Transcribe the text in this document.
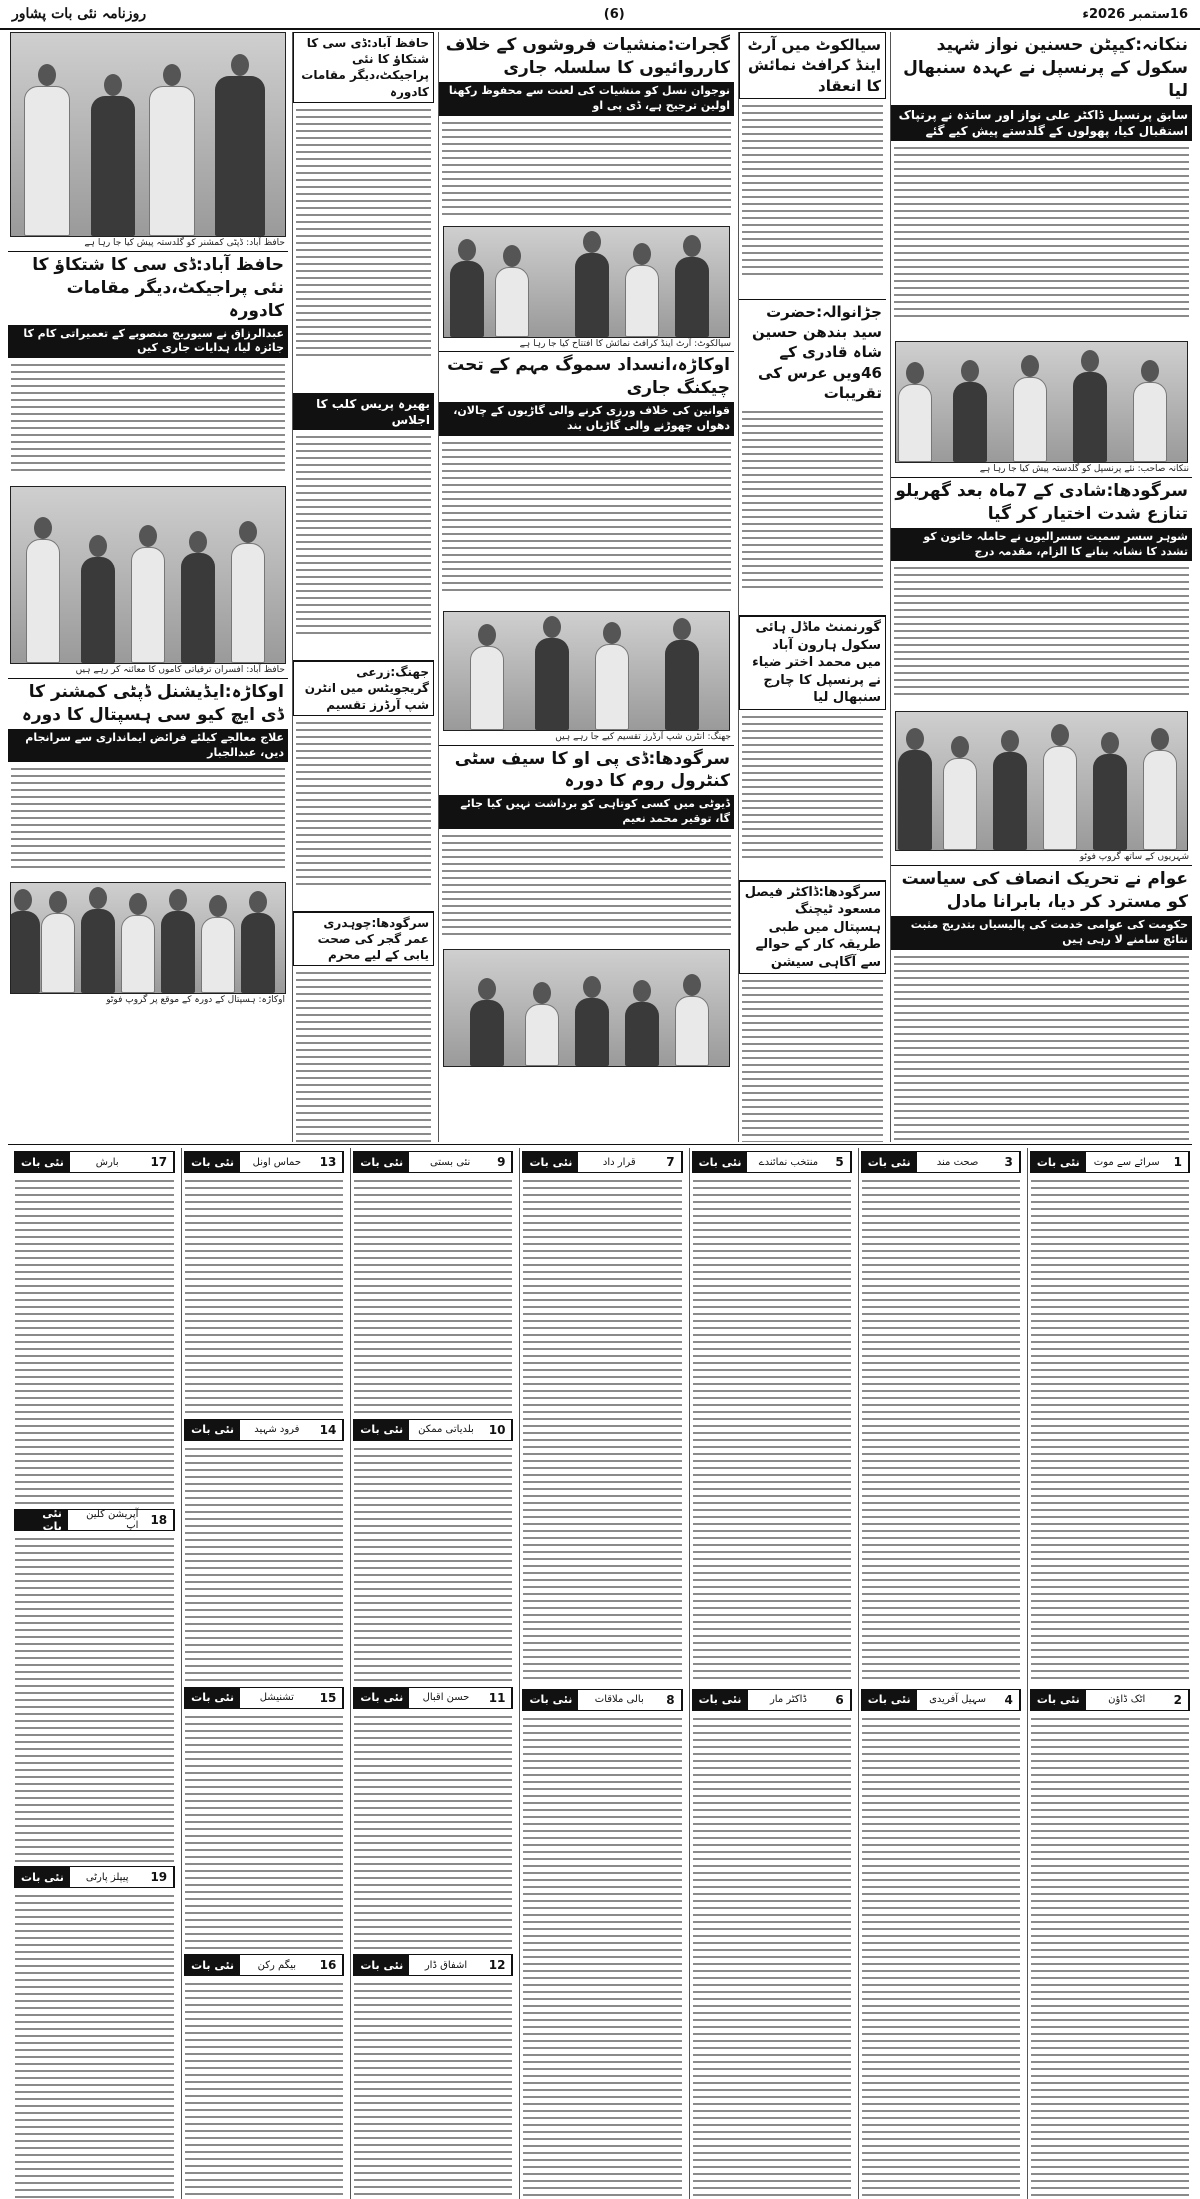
16ستمبر 2026ء
(6)
روزنامہ نئی بات پشاور
ننکانہ:کیپٹن حسنین نواز شہید سکول کے پرنسپل نے عہدہ سنبھال لیا
سابق پرنسپل ڈاکٹر علی نواز اور ساتذہ نے پرتپاک استقبال کیا، پھولوں کے گلدستے پیش کیے گئے
ننکانہ صاحب: نئے پرنسپل کو گلدستہ پیش کیا جا رہا ہے
سرگودھا:شادی کے 7ماہ بعد گھریلو تنازع شدت اختیار کر گیا
شوہر سسر سمیت سسرالیوں نے حاملہ خاتون کو تشدد کا نشانہ بنانے کا الزام، مقدمہ درج
شہریوں کے ساتھ گروپ فوٹو
عوام نے تحریک انصاف کی سیاست کو مسترد کر دیا، بابرانا مادل
حکومت کی عوامی خدمت کی پالیسیاں بتدریج مثبت نتائج سامنے لا رہی ہیں
سیالکوٹ میں آرٹ اینڈ کرافٹ نمائش کا انعقاد
جڑانوالہ:حضرت سید بندھن حسین شاہ قادری کے 46ویں عرس کی تقریبات
گورنمنٹ ماڈل ہائی سکول ہارون آباد میں محمد اختر ضیاء نے پرنسپل کا چارج سنبھال لیا
سرگودھا:ڈاکٹر فیصل مسعود ٹیچنگ ہسپتال میں طبی طریقہ کار کے حوالے سے آگاہی سیشن
گجرات:منشیات فروشوں کے خلاف کارروائیوں کا سلسلہ جاری
نوجوان نسل کو منشیات کی لعنت سے محفوظ رکھنا اولین ترجیح ہے، ڈی پی او
سیالکوٹ: آرٹ اینڈ کرافٹ نمائش کا افتتاح کیا جا رہا ہے
اوکاڑہ،انسداد سموگ مہم کے تحت چیکنگ جاری
قوانین کی خلاف ورزی کرنے والی گاڑیوں کے چالان، دھواں چھوڑنے والی گاڑیاں بند
جھنگ: انٹرن شپ آرڈرز تقسیم کیے جا رہے ہیں
سرگودھا:ڈی پی او کا سیف سٹی کنٹرول روم کا دورہ
ڈیوٹی میں کسی کوتاہی کو برداشت نہیں کیا جائے گا، توقیر محمد نعیم
حافظ آباد:ڈی سی کا شتکاؤ کا نئی پراجیکٹ،دیگر مقامات کادورہ
بھیرہ پریس کلب کا اجلاس
جھنگ:زرعی گریجویٹس میں انٹرن شپ آرڈرز تقسیم
سرگودھا:چوہدری عمر گجر کی صحت یابی کے لیے محرم
حافظ آباد: ڈپٹی کمشنر کو گلدستہ پیش کیا جا رہا ہے
حافظ آباد:ڈی سی کا شتکاؤ کا نئی پراجیکٹ،دیگر مقامات کادورہ
عبدالرزاق نے سیوریج منصوبے کے تعمیراتی کام کا جائزہ لیا، ہدایات جاری کیں
حافظ آباد: افسران ترقیاتی کاموں کا معائنہ کر رہے ہیں
اوکاڑہ:ایڈیشنل ڈپٹی کمشنر کا ڈی ایچ کیو سی ہسپتال کا دورہ
علاج معالجے کیلئے فرائض ایمانداری سے سرانجام دیں، عبدالجبار
اوکاڑہ: ہسپتال کے دورہ کے موقع پر گروپ فوٹو
1
سرائے سے موت
نئی بات
2
اٹک ڈاؤن
نئی بات
3
صحت مند
نئی بات
4
سہیل آفریدی
نئی بات
5
منتخب نمائندے
نئی بات
6
ڈاکٹر مار
نئی بات
7
قرار داد
نئی بات
8
بالی ملاقات
نئی بات
9
نئی بستی
نئی بات
10
بلدیاتی ممکن
نئی بات
11
حسن اقبال
نئی بات
12
اشفاق ڈار
نئی بات
13
حماس اونل
نئی بات
14
فرود شہید
نئی بات
15
تشنیشل
نئی بات
16
بیگم رکن
نئی بات
17
بارش
نئی بات
18
آپریشن کلین اپ
نئی بات
19
پیپلز پارٹی
نئی بات
